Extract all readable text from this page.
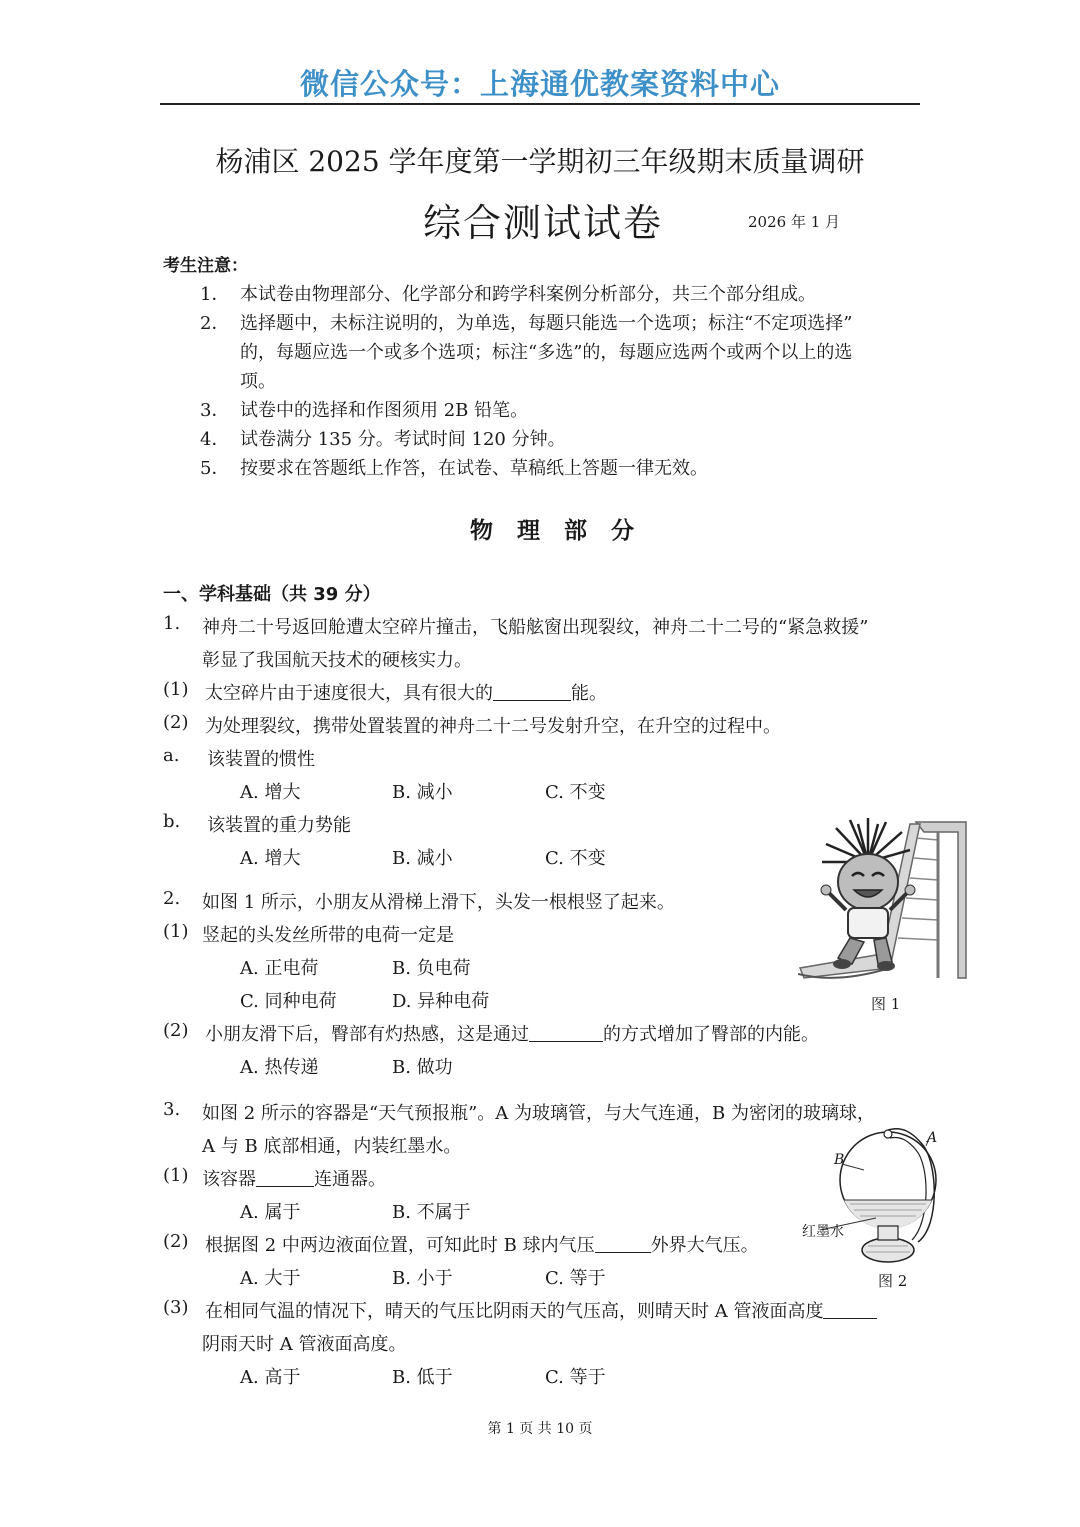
微信公众号：上海通优教案资料中心
杨浦区 2025 学年度第一学期初三年级期末质量调研
综合测试试卷	2026 年 1 月
考生注意：
1． 本试卷由物理部分、化学部分和跨学科案例分析部分，共三个部分组成。
2． 选择题中，未标注说明的，为单选，每题只能选一个选项；标注“不定项选择”
的，每题应选一个或多个选项；标注“多选”的，每题应选两个或两个以上的选
项。
3． 试卷中的选择和作图须用 2B 铅笔。
4． 试卷满分 135 分。考试时间 120 分钟。
5． 按要求在答题纸上作答，在试卷、草稿纸上答题一律无效。
物理部分
一、学科基础（共 39 分）
1. 神舟二十号返回舱遭太空碎片撞击，飞船舷窗出现裂纹，神舟二十二号的“紧急救援”
彰显了我国航天技术的硬核实力。
(1) 太空碎片由于速度很大，具有很大的	能。
(2) 为处理裂纹，携带处置装置的神舟二十二号发射升空，在升空的过程中。
a. 该装置的惯性
A. 增大	B. 减小	C. 不变
b. 该装置的重力势能
A. 增大	B. 减小	C. 不变
图 1
2. 如图 1 所示，小朋友从滑梯上滑下，头发一根根竖了起来。
(1) 竖起的头发丝所带的电荷一定是
A. 正电荷	B. 负电荷
C. 同种电荷	D. 异种电荷
(2) 小朋友滑下后，臀部有灼热感，这是通过	的方式增加了臀部的内能。
A. 热传递	B. 做功
3. 如图 2 所示的容器是“天气预报瓶”。A 为玻璃管，与大气连通，B 为密闭的玻璃球，
A 与 B 底部相通，内装红墨水。
(1) 该容器	连通器。
A. 属于	B. 不属于
(2) 根据图 2 中两边液面位置，可知此时 B 球内气压	外界大气压。
A. 大于	B. 小于	C. 等于
(3) 在相同气温的情况下，晴天的气压比阴雨天的气压高，则晴天时 A 管液面高度
阴雨天时 A 管液面高度。
A. 高于	B. 低于	C. 等于
B
A
红墨水
图 2
第 1 页 共 10 页
